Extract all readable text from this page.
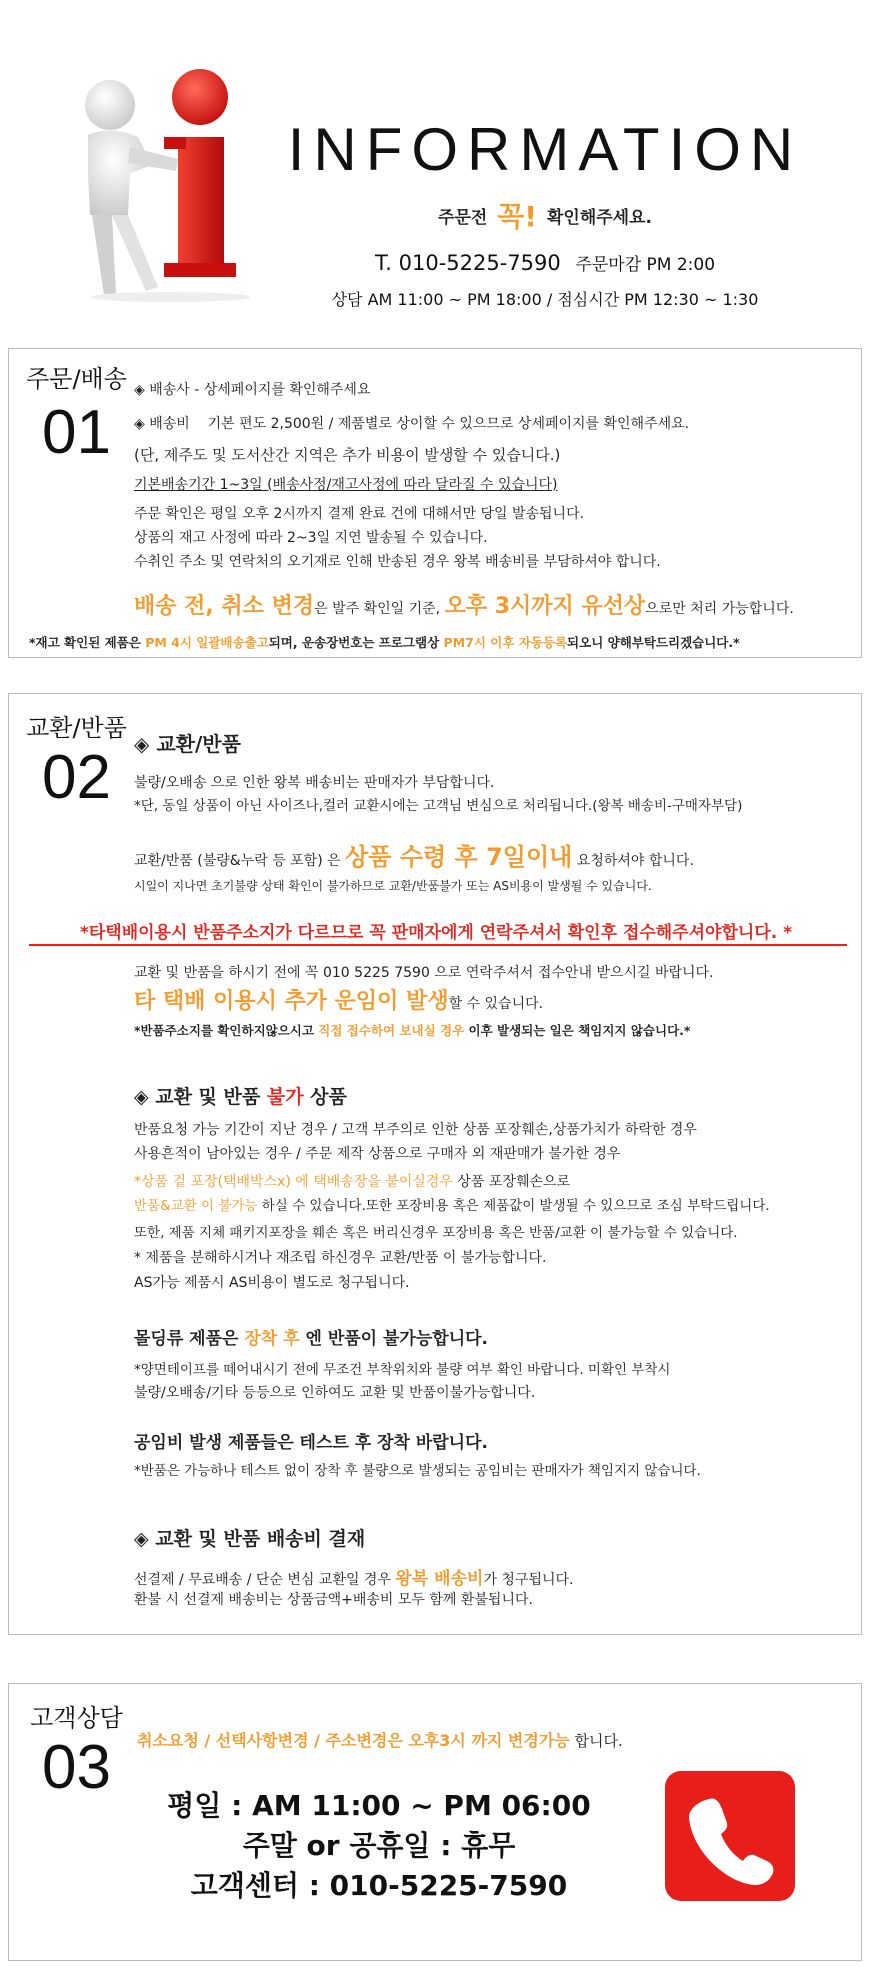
INFORMATION
주문전 꼭! 확인해주세요.
T. 010-5225-7590 주문마감 PM 2:00
상담 AM 11:00 ~ PM 18:00 / 점심시간 PM 12:30 ~ 1:30
주문/배송
01
◈ 배송사 - 상세페이지를 확인해주세요
◈ 배송비 기본 편도 2,500원 / 제품별로 상이할 수 있으므로 상세페이지를 확인해주세요.
(단, 제주도 및 도서산간 지역은 추가 비용이 발생할 수 있습니다.)
기본배송기간 1~3일 (배송사정/재고사정에 따라 달라질 수 있습니다)
주문 확인은 평일 오후 2시까지 결제 완료 건에 대해서만 당일 발송됩니다.
상품의 재고 사정에 따라 2~3일 지연 발송될 수 있습니다.
수취인 주소 및 연락처의 오기재로 인해 반송된 경우 왕복 배송비를 부담하셔야 합니다.
배송 전, 취소 변경은 발주 확인일 기준, 오후 3시까지 유선상으로만 처리 가능합니다.
*재고 확인된 제품은 PM 4시 일괄배송출고되며, 운송장번호는 프로그램상 PM7시 이후 자동등록되오니 양해부탁드리겠습니다.*
교환/반품
02	◈ 교환/반품
불량/오배송 으로 인한 왕복 배송비는 판매자가 부담합니다.
*단, 동일 상품이 아닌 사이즈나,컬러 교환시에는 고객님 변심으로 처리됩니다.(왕복 배송비-구매자부담)
교환/반품 (불량&누락 등 포함) 은 상품 수령 후 7일이내 요청하셔야 합니다.
시일이 지나면 초기불량 상태 확인이 불가하므로 교환/반품불가 또는 AS비용이 발생될 수 있습니다.
*타택배이용시 반품주소지가 다르므로 꼭 판매자에게 연락주셔서 확인후 접수해주셔야합니다. *
교환 및 반품을 하시기 전에 꼭 010 5225 7590 으로 연락주셔서 접수안내 받으시길 바랍니다.
타 택배 이용시 추가 운임이 발생할 수 있습니다.
*반품주소지를 확인하지않으시고 직접 접수하여 보내실 경우 이후 발생되는 일은 책임지지 않습니다.*
◈ 교환 및 반품 불가 상품
반품요청 가능 기간이 지난 경우 / 고객 부주의로 인한 상품 포장훼손,상품가치가 하락한 경우
사용흔적이 남아있는 경우 / 주문 제작 상품으로 구매자 외 재판매가 불가한 경우
*상품 겉 포장(택배박스x) 에 택배송장을 붙이실경우 상품 포장훼손으로
반품&교환 이 불가능 하실 수 있습니다.또한 포장비용 혹은 제품값이 발생될 수 있으므로 조심 부탁드립니다.
또한, 제품 지체 패키지포장을 훼손 혹은 버리신경우 포장비용 혹은 반품/교환 이 불가능할 수 있습니다.
* 제품을 분해하시거나 재조립 하신경우 교환/반품 이 불가능합니다.
AS가능 제품시 AS비용이 별도로 청구됩니다.
몰딩류 제품은 장착 후 엔 반품이 불가능합니다.
*양면테이프를 떼어내시기 전에 무조건 부착위치와 불량 여부 확인 바랍니다. 미확인 부착시
불량/오배송/기타 등등으로 인하여도 교환 및 반품이불가능합니다.
공임비 발생 제품들은 테스트 후 장착 바랍니다.
*반품은 가능하나 테스트 없이 장착 후 불량으로 발생되는 공임비는 판매자가 책임지지 않습니다.
◈ 교환 및 반품 배송비 결재
선결제 / 무료배송 / 단순 변심 교환일 경우 왕복 배송비가 청구됩니다.
환불 시 선결제 배송비는 상품금액+배송비 모두 함께 환불됩니다.
고객상담
03	취소요청 / 선택사항변경 / 주소변경은 오후3시 까지 변경가능 합니다.
평일 : AM 11:00 ~ PM 06:00
주말 or 공휴일 : 휴무
고객센터 : 010-5225-7590
